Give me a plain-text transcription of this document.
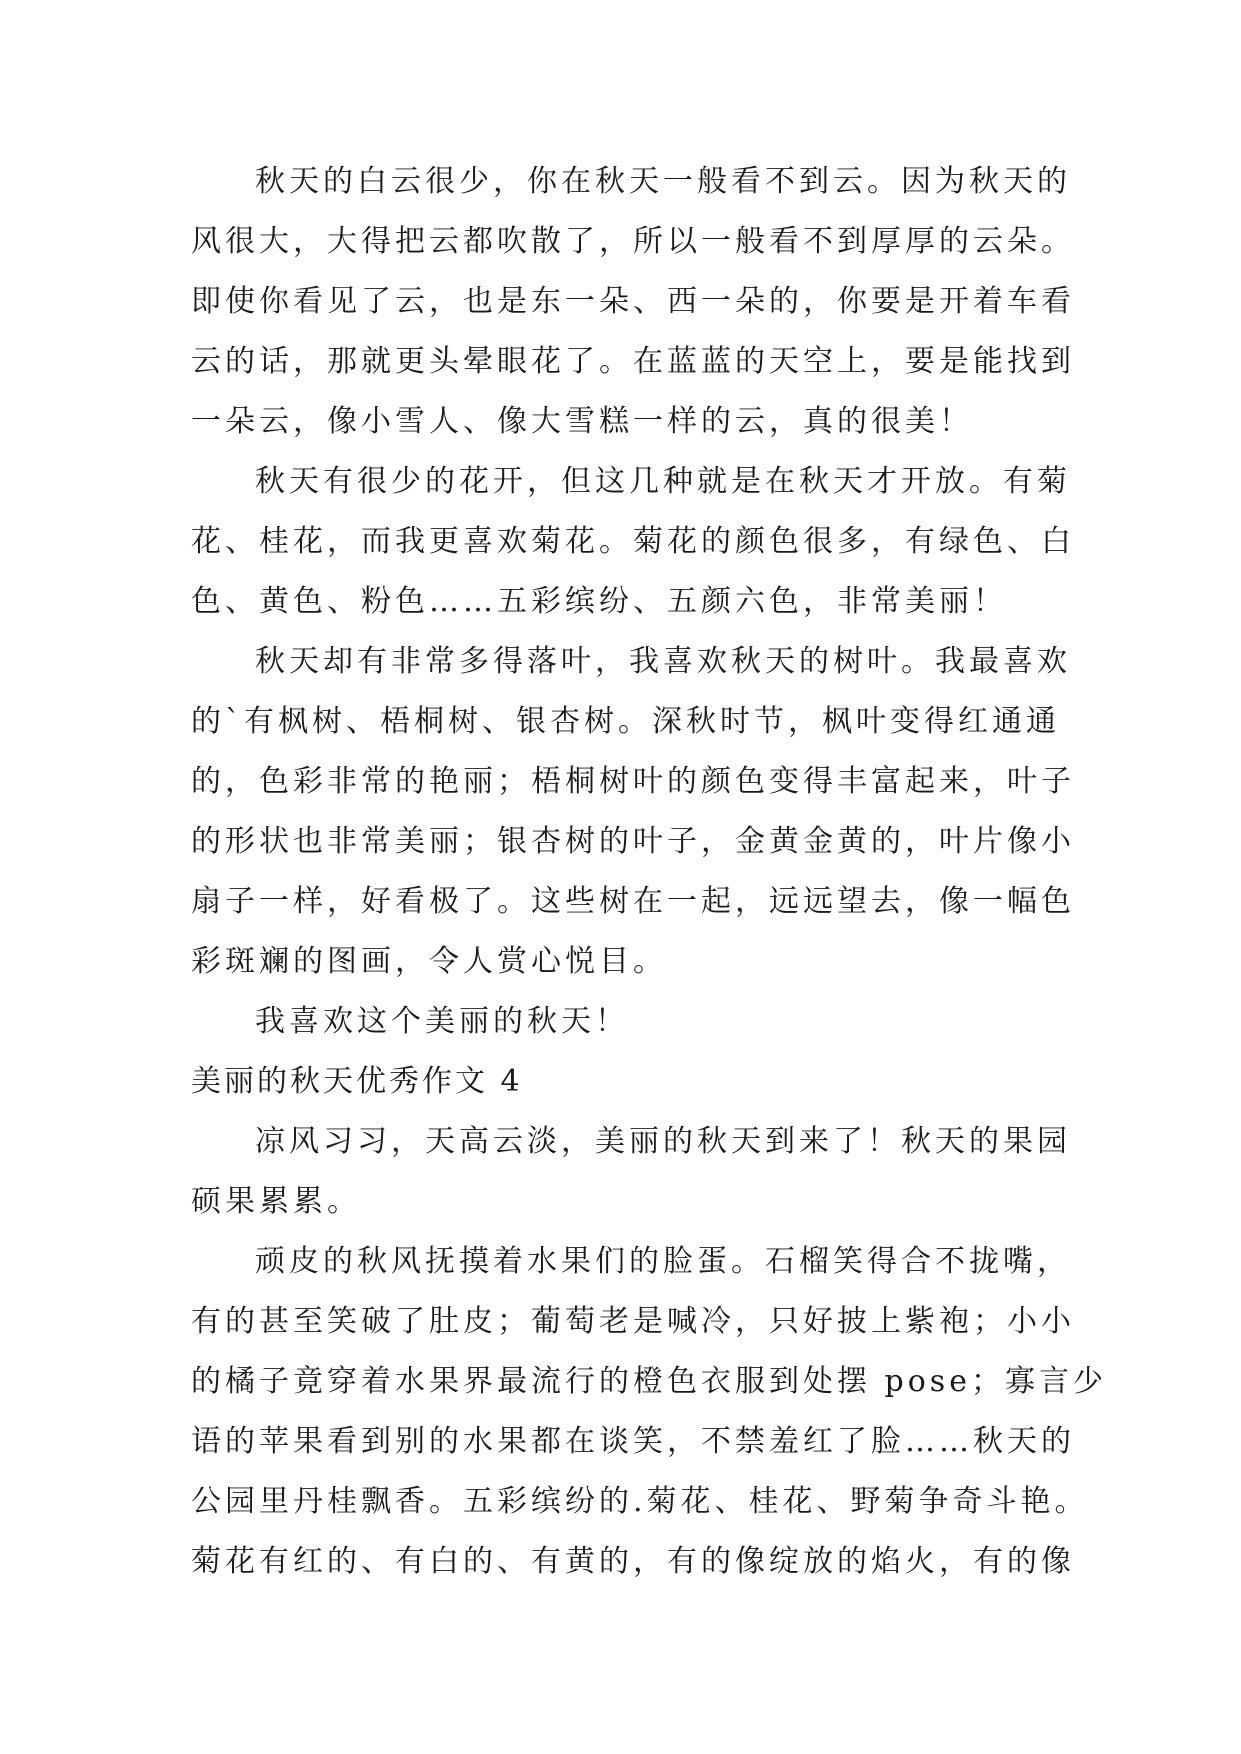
秋天的白云很少，你在秋天一般看不到云。因为秋天的
风很大，大得把云都吹散了，所以一般看不到厚厚的云朵。
即使你看见了云，也是东一朵、西一朵的，你要是开着车看
云的话，那就更头晕眼花了。在蓝蓝的天空上，要是能找到
一朵云，像小雪人、像大雪糕一样的云，真的很美！
秋天有很少的花开，但这几种就是在秋天才开放。有菊
花、桂花，而我更喜欢菊花。菊花的颜色很多，有绿色、白
色、黄色、粉色……五彩缤纷、五颜六色，非常美丽！
秋天却有非常多得落叶，我喜欢秋天的树叶。我最喜欢
的`有枫树、梧桐树、银杏树。深秋时节，枫叶变得红通通
的，色彩非常的艳丽；梧桐树叶的颜色变得丰富起来，叶子
的形状也非常美丽；银杏树的叶子，金黄金黄的，叶片像小
扇子一样，好看极了。这些树在一起，远远望去，像一幅色
彩斑斓的图画，令人赏心悦目。
我喜欢这个美丽的秋天！
美丽的秋天优秀作文 4
凉风习习，天高云淡，美丽的秋天到来了！秋天的果园
硕果累累。
顽皮的秋风抚摸着水果们的脸蛋。石榴笑得合不拢嘴，
有的甚至笑破了肚皮；葡萄老是喊冷，只好披上紫袍；小小
的橘子竟穿着水果界最流行的橙色衣服到处摆 pose；寡言少
语的苹果看到别的水果都在谈笑，不禁羞红了脸……秋天的
公园里丹桂飘香。五彩缤纷的.菊花、桂花、野菊争奇斗艳。
菊花有红的、有白的、有黄的，有的像绽放的焰火，有的像
